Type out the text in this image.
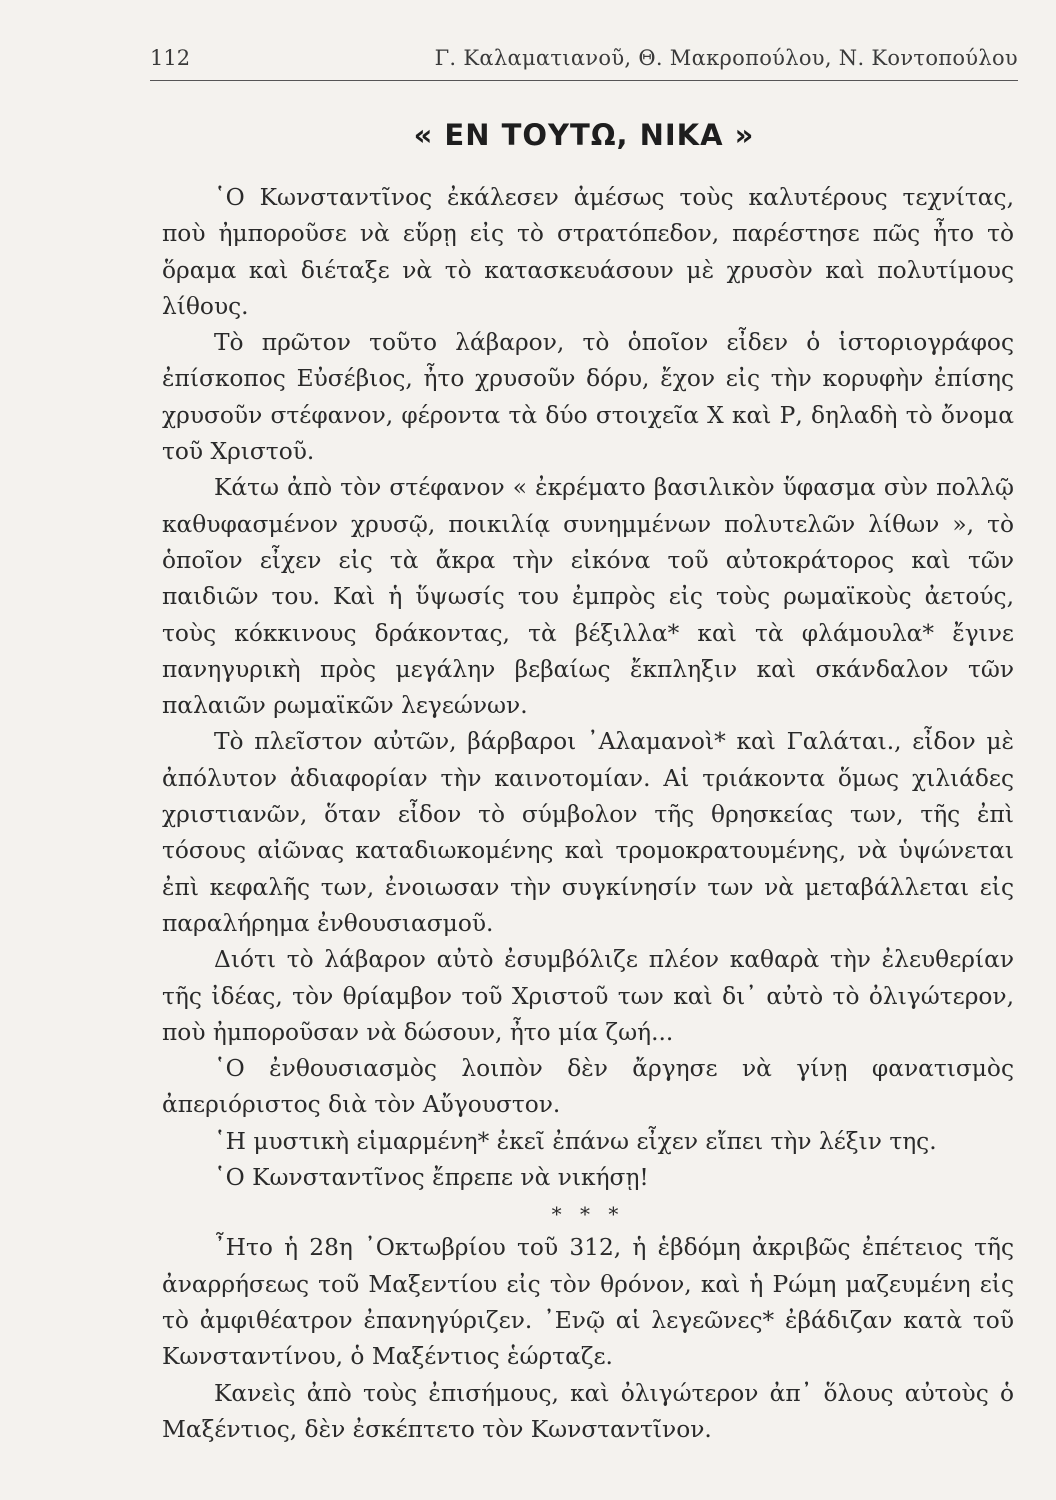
112	Γ. Καλαματιανοῦ, Θ. Μακροπούλου, Ν. Κοντοπούλου
« ΕΝ ΤΟΥΤΩ, ΝΙΚΑ »

῾Ο Κωνσταντῖνος ἐκάλεσεν ἀμέσως τοὺς καλυτέρους τεχνίτας, ποὺ ἠμποροῦσε νὰ εὕρῃ εἰς τὸ στρατόπεδον, παρέστησε πῶς ἦτο τὸ ὅραμα καὶ διέταξε νὰ τὸ κατασκευάσουν μὲ χρυσὸν καὶ πολυτίμους λίθους.

Τὸ πρῶτον τοῦτο λάβαρον, τὸ ὁποῖον εἶδεν ὁ ἱστοριογράφος ἐπίσκοπος Εὐσέβιος, ἦτο χρυσοῦν δόρυ, ἔχον εἰς τὴν κορυφὴν ἐπίσης χρυσοῦν στέφανον, φέροντα τὰ δύο στοιχεῖα Χ καὶ Ρ, δηλαδὴ τὸ ὄνομα τοῦ Χριστοῦ.

Κάτω ἀπὸ τὸν στέφανον « ἐκρέματο βασιλικὸν ὕφασμα σὺν πολλῷ καθυφασμένον χρυσῷ, ποικιλίᾳ συνημμένων πολυτελῶν λίθων », τὸ ὁποῖον εἶχεν εἰς τὰ ἄκρα τὴν εἰκόνα τοῦ αὐτοκράτορος καὶ τῶν παιδιῶν του. Καὶ ἡ ὕψωσίς του ἐμπρὸς εἰς τοὺς ρωμαϊκοὺς ἀετούς, τοὺς κόκκινους δράκοντας, τὰ βέξιλλα* καὶ τὰ φλάμουλα* ἔγινε πανηγυρικὴ πρὸς μεγάλην βεβαίως ἔκπληξιν καὶ σκάνδαλον τῶν παλαιῶν ρωμαϊκῶν λεγεώνων.

Τὸ πλεῖστον αὐτῶν, βάρβαροι ᾿Αλαμανοὶ* καὶ Γαλάται., εἶδον μὲ ἀπόλυτον ἀδιαφορίαν τὴν καινοτομίαν. Αἱ τριάκοντα ὅμως χιλιάδες χριστιανῶν, ὅταν εἶδον τὸ σύμβολον τῆς θρησκείας των, τῆς ἐπὶ τόσους αἰῶνας καταδιωκομένης καὶ τρομοκρατουμένης, νὰ ὑψώνεται ἐπὶ κεφαλῆς των, ἐνοιωσαν τὴν συγκίνησίν των νὰ μεταβάλλεται εἰς παραλήρημα ἐνθουσιασμοῦ.

Διότι τὸ λάβαρον αὐτὸ ἐσυμβόλιζε πλέον καθαρὰ τὴν ἐλευθερίαν τῆς ἰδέας, τὸν θρίαμβον τοῦ Χριστοῦ των καὶ δι᾿ αὐτὸ τὸ ὀλιγώτερον, ποὺ ἠμποροῦσαν νὰ δώσουν, ἦτο μία ζωή...

῾Ο ἐνθουσιασμὸς λοιπὸν δὲν ἄργησε νὰ γίνῃ φανατισμὸς ἀπεριόριστος διὰ τὸν Αὔγουστον.

῾Η μυστικὴ εἱμαρμένη* ἐκεῖ ἐπάνω εἶχεν εἴπει τὴν λέξιν της.

῾Ο Κωνσταντῖνος ἔπρεπε νὰ νικήσῃ!

* * *

῏Ητο ἡ 28η ᾿Οκτωβρίου τοῦ 312, ἡ ἑβδόμη ἀκριβῶς ἐπέτειος τῆς ἀναρρήσεως τοῦ Μαξεντίου εἰς τὸν θρόνον, καὶ ἡ Ρώμη μαζευμένη εἰς τὸ ἀμφιθέατρον ἐπανηγύριζεν. ᾿Ενῷ αἱ λεγεῶνες* ἐβάδιζαν κατὰ τοῦ Κωνσταντίνου, ὁ Μαξέντιος ἑώρταζε.

Κανεὶς ἀπὸ τοὺς ἐπισήμους, καὶ ὀλιγώτερον ἀπ᾿ ὅλους αὐτοὺς ὁ Μαξέντιος, δὲν ἐσκέπτετο τὸν Κωνσταντῖνον.
